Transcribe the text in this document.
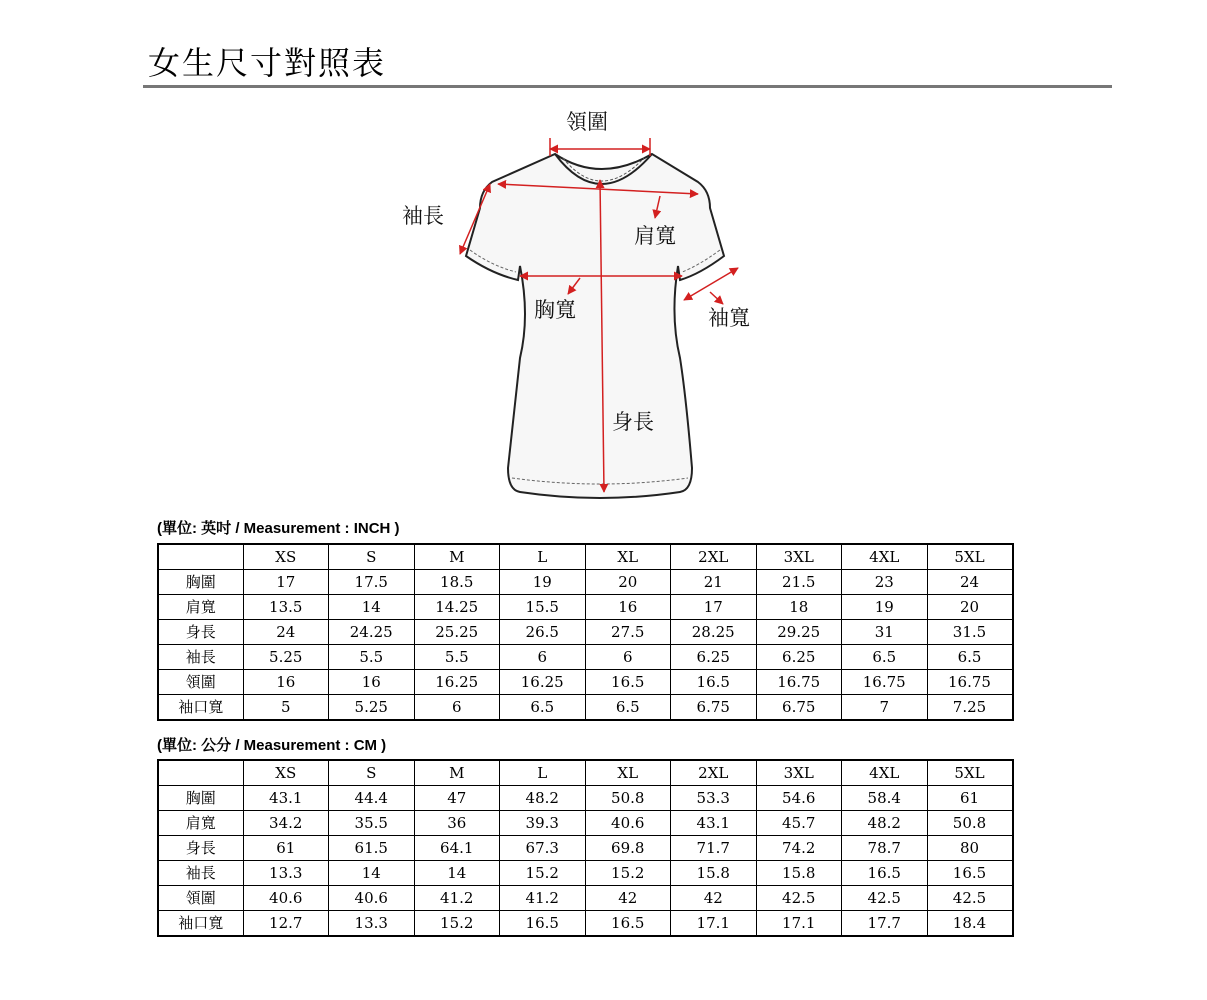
女生尺寸對照表
領圍
袖長
肩寬
胸寬	袖寬
身長
(單位: 英吋 / Measurement : INCH )
	XS	S	M	L	XL	2XL	3XL	4XL	5XL
胸圍	17	17.5	18.5	19	20	21	21.5	23	24
肩寬	13.5	14	14.25	15.5	16	17	18	19	20
身長	24	24.25	25.25	26.5	27.5	28.25	29.25	31	31.5
袖長	5.25	5.5	5.5	6	6	6.25	6.25	6.5	6.5
領圍	16	16	16.25	16.25	16.5	16.5	16.75	16.75	16.75
袖口寬	5	5.25	6	6.5	6.5	6.75	6.75	7	7.25
(單位: 公分 / Measurement : CM )
	XS	S	M	L	XL	2XL	3XL	4XL	5XL
胸圍	43.1	44.4	47	48.2	50.8	53.3	54.6	58.4	61
肩寬	34.2	35.5	36	39.3	40.6	43.1	45.7	48.2	50.8
身長	61	61.5	64.1	67.3	69.8	71.7	74.2	78.7	80
袖長	13.3	14	14	15.2	15.2	15.8	15.8	16.5	16.5
領圍	40.6	40.6	41.2	41.2	42	42	42.5	42.5	42.5
袖口寬	12.7	13.3	15.2	16.5	16.5	17.1	17.1	17.7	18.4
